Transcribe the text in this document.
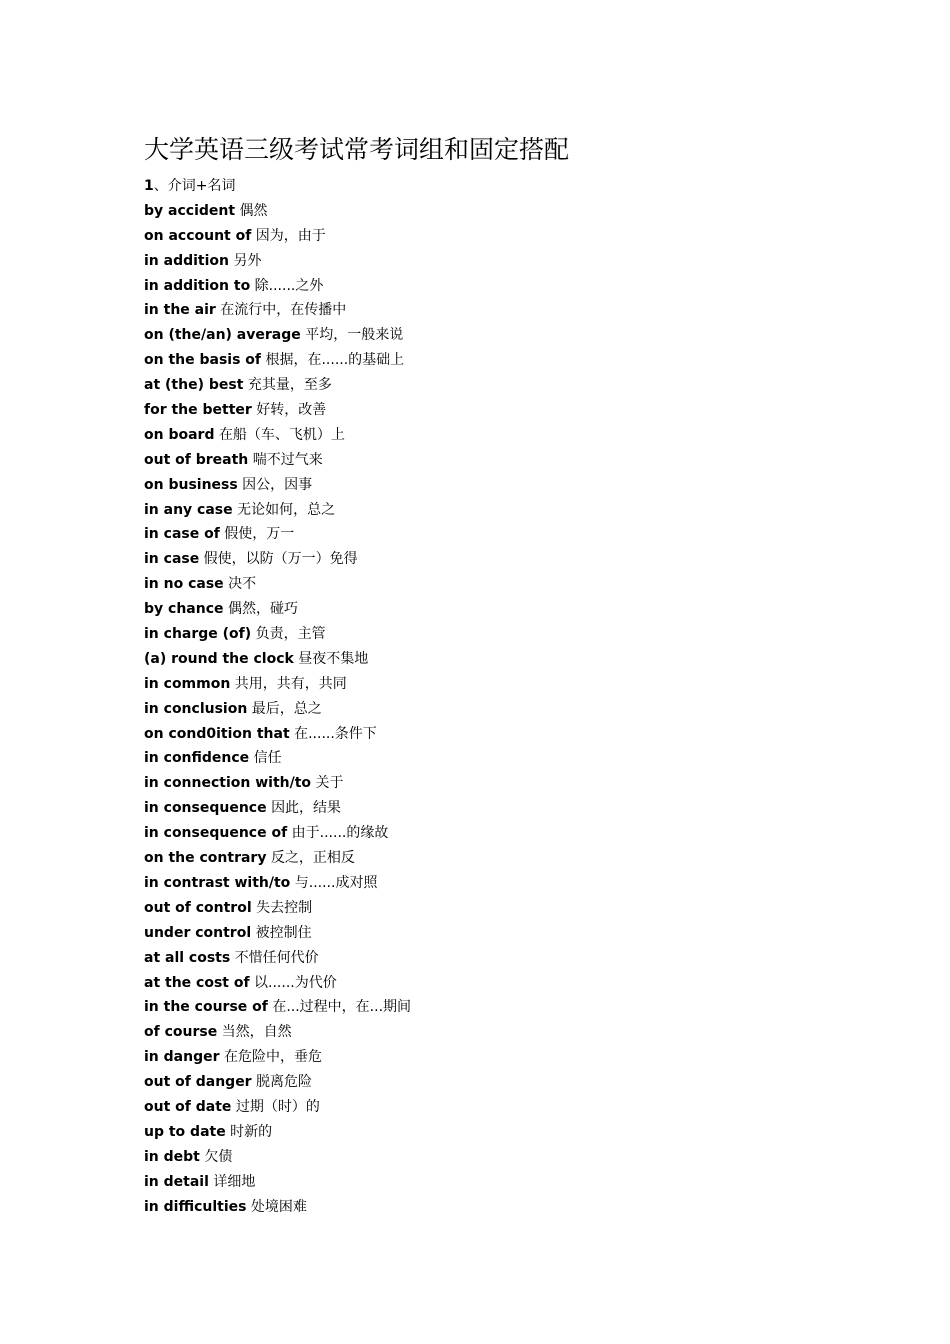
大学英语三级考试常考词组和固定搭配

1、介词+名词

by accident 偶然
on account of 因为，由于
in addition 另外
in addition to 除......之外
in the air 在流行中，在传播中
on (the/an) average 平均，一般来说
on the basis of 根据，在......的基础上
at (the) best 充其量，至多
for the better 好转，改善
on board 在船（车、飞机）上
out of breath 喘不过气来
on business 因公，因事
in any case 无论如何，总之
in case of 假使，万一
in case 假使，以防（万一）免得
in no case 决不
by chance 偶然，碰巧
in charge (of) 负责，主管
(a) round the clock 昼夜不集地
in common 共用，共有，共同
in conclusion 最后，总之
on cond0ition that 在......条件下
in confidence 信任
in connection with/to 关于
in consequence 因此，结果
in consequence of 由于......的缘故
on the contrary 反之，正相反
in contrast with/to 与......成对照
out of control 失去控制
under control 被控制住
at all costs 不惜任何代价
at the cost of 以......为代价
in the course of 在...过程中，在...期间
of course 当然，自然
in danger 在危险中，垂危
out of danger 脱离危险
out of date 过期（时）的
up to date 时新的
in debt 欠债
in detail 详细地
in difficulties 处境困难
